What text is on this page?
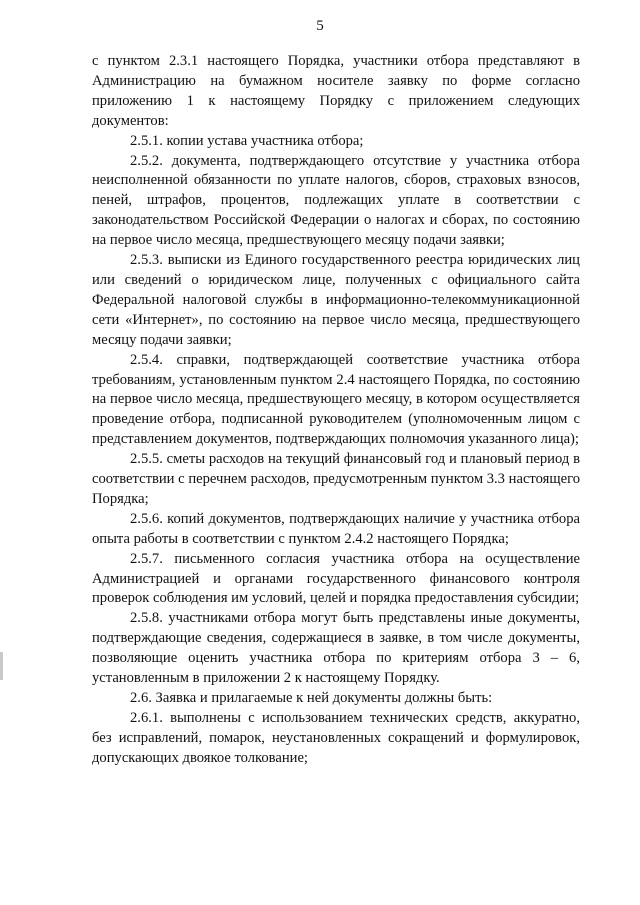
5

с пунктом 2.3.1 настоящего Порядка, участники отбора представляют в Администрацию на бумажном носителе заявку по форме согласно приложению 1 к настоящему Порядку с приложением следующих документов:

2.5.1. копии устава участника отбора;

2.5.2. документа, подтверждающего отсутствие у участника отбора неисполненной обязанности по уплате налогов, сборов, страховых взносов, пеней, штрафов, процентов, подлежащих уплате в соответствии с законодательством Российской Федерации о налогах и сборах, по состоянию на первое число месяца, предшествующего месяцу подачи заявки;

2.5.3. выписки из Единого государственного реестра юридических лиц или сведений о юридическом лице, полученных с официального сайта Федеральной налоговой службы в информационно-телекоммуникационной сети «Интернет», по состоянию на первое число месяца, предшествующего месяцу подачи заявки;

2.5.4. справки, подтверждающей соответствие участника отбора требованиям, установленным пунктом 2.4 настоящего Порядка, по состоянию на первое число месяца, предшествующего месяцу, в котором осуществляется проведение отбора, подписанной руководителем (уполномоченным лицом с представлением документов, подтверждающих полномочия указанного лица);

2.5.5. сметы расходов на текущий финансовый год и плановый период в соответствии с перечнем расходов, предусмотренным пунктом 3.3 настоящего Порядка;

2.5.6. копий документов, подтверждающих наличие у участника отбора опыта работы в соответствии с пунктом 2.4.2 настоящего Порядка;

2.5.7. письменного согласия участника отбора на осуществление Администрацией и органами государственного финансового контроля проверок соблюдения им условий, целей и порядка предоставления субсидии;

2.5.8. участниками отбора могут быть представлены иные документы, подтверждающие сведения, содержащиеся в заявке, в том числе документы, позволяющие оценить участника отбора по критериям отбора 3 – 6, установленным в приложении 2 к настоящему Порядку.

2.6. Заявка и прилагаемые к ней документы должны быть:

2.6.1. выполнены с использованием технических средств, аккуратно, без исправлений, помарок, неустановленных сокращений и формулировок, допускающих двоякое толкование;
